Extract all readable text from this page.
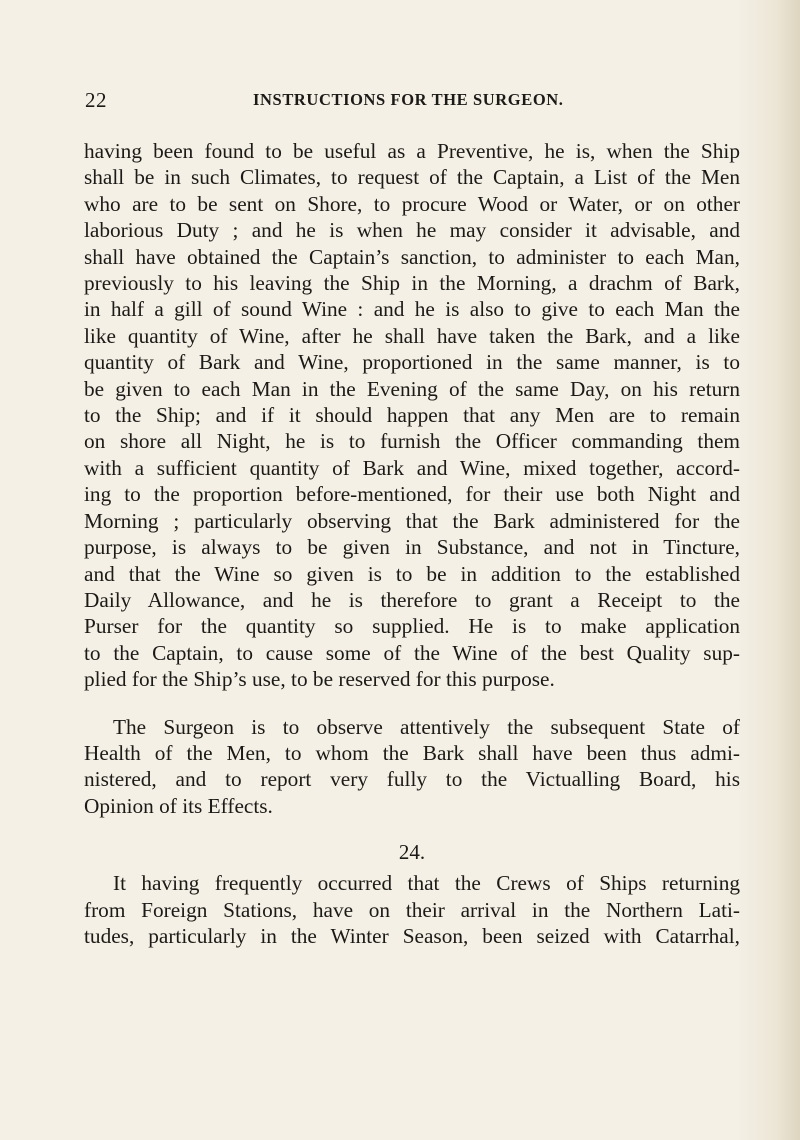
22	INSTRUCTIONS FOR THE SURGEON.
having been found to be useful as a Preventive, he is, when the Ship
shall be in such Climates, to request of the Captain, a List of the Men
who are to be sent on Shore, to procure Wood or Water, or on other
laborious Duty ; and he is when he may consider it advisable, and
shall have obtained the Captain’s sanction, to administer to each Man,
previously to his leaving the Ship in the Morning, a drachm of Bark,
in half a gill of sound Wine : and he is also to give to each Man the
like quantity of Wine, after he shall have taken the Bark, and a like
quantity of Bark and Wine, proportioned in the same manner, is to
be given to each Man in the Evening of the same Day, on his return
to the Ship; and if it should happen that any Men are to remain
on shore all Night, he is to furnish the Officer commanding them
with a sufficient quantity of Bark and Wine, mixed together, accord-
ing to the proportion before-mentioned, for their use both Night and
Morning ; particularly observing that the Bark administered for the
purpose, is always to be given in Substance, and not in Tincture,
and that the Wine so given is to be in addition to the established
Daily Allowance, and he is therefore to grant a Receipt to the
Purser for the quantity so supplied. He is to make application
to the Captain, to cause some of the Wine of the best Quality sup-
plied for the Ship’s use, to be reserved for this purpose.
The Surgeon is to observe attentively the subsequent State of
Health of the Men, to whom the Bark shall have been thus admi-
nistered, and to report very fully to the Victualling Board, his
Opinion of its Effects.
24.
It having frequently occurred that the Crews of Ships returning
from Foreign Stations, have on their arrival in the Northern Lati-
tudes, particularly in the Winter Season, been seized with Catarrhal,
